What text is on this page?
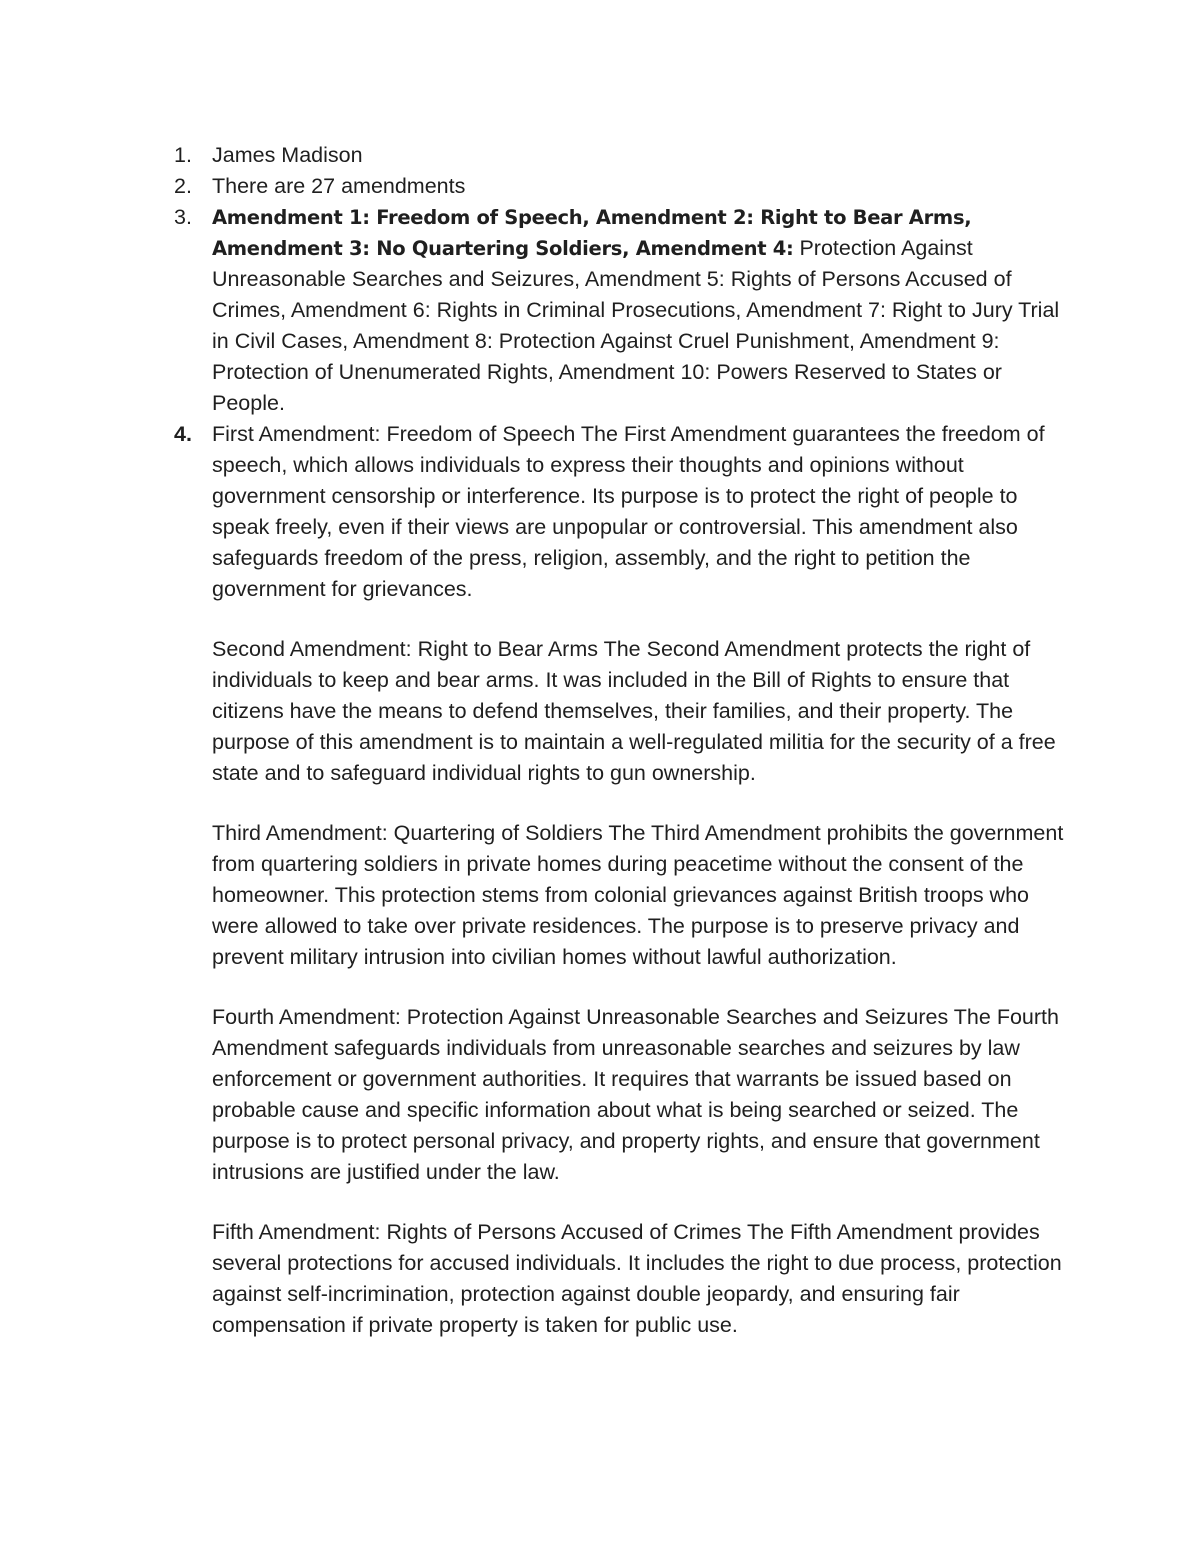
1. James Madison
2. There are 27 amendments
3.	Amendment 1: Freedom of Speech, Amendment 2: Right to Bear Arms, Amendment 3: No Quartering Soldiers, Amendment 4: Protection Against Unreasonable Searches and Seizures, Amendment 5: Rights of Persons Accused of Crimes, Amendment 6: Rights in Criminal Prosecutions, Amendment 7: Right to Jury Trial in Civil Cases, Amendment 8: Protection Against Cruel Punishment, Amendment 9: Protection of Unenumerated Rights, Amendment 10: Powers Reserved to States or People.
4. First Amendment: Freedom of Speech The First Amendment guarantees the freedom of speech, which allows individuals to express their thoughts and opinions without government censorship or interference. Its purpose is to protect the right of people to speak freely, even if their views are unpopular or controversial. This amendment also safeguards freedom of the press, religion, assembly, and the right to petition the government for grievances.
Second Amendment: Right to Bear Arms The Second Amendment protects the right of individuals to keep and bear arms. It was included in the Bill of Rights to ensure that citizens have the means to defend themselves, their families, and their property. The purpose of this amendment is to maintain a well-regulated militia for the security of a free state and to safeguard individual rights to gun ownership.
Third Amendment: Quartering of Soldiers The Third Amendment prohibits the government from quartering soldiers in private homes during peacetime without the consent of the homeowner. This protection stems from colonial grievances against British troops who were allowed to take over private residences. The purpose is to preserve privacy and prevent military intrusion into civilian homes without lawful authorization.
Fourth Amendment: Protection Against Unreasonable Searches and Seizures The Fourth Amendment safeguards individuals from unreasonable searches and seizures by law enforcement or government authorities. It requires that warrants be issued based on probable cause and specific information about what is being searched or seized. The purpose is to protect personal privacy, and property rights, and ensure that government intrusions are justified under the law.
Fifth Amendment: Rights of Persons Accused of Crimes The Fifth Amendment provides several protections for accused individuals. It includes the right to due process, protection against self-incrimination, protection against double jeopardy, and ensuring fair compensation if private property is taken for public use.
